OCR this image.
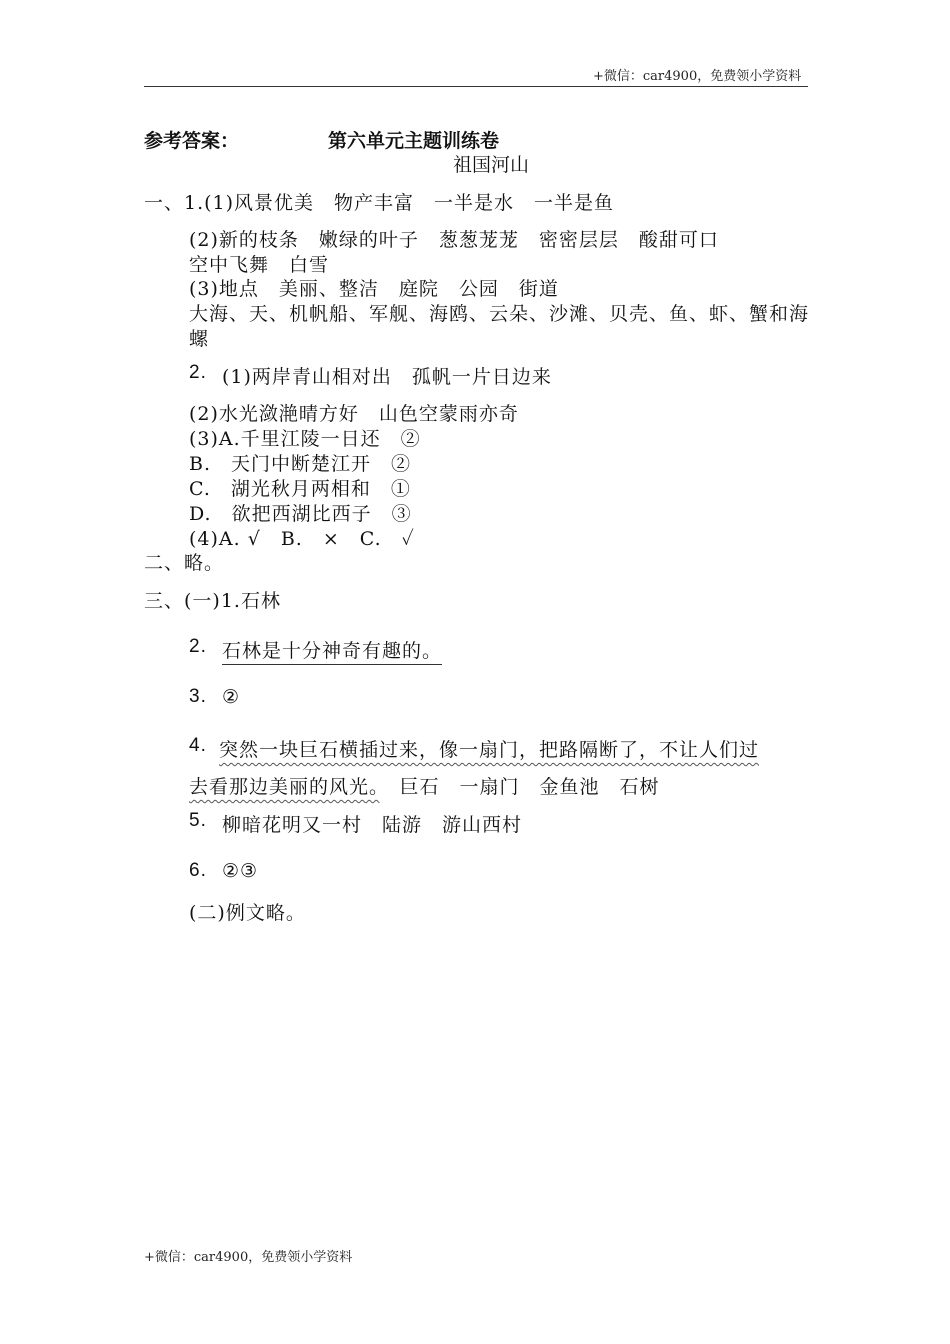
+微信：car4900，免费领小学资料
参考答案：	第六单元主题训练卷
祖国河山
一、1.(1)风景优美　物产丰富　一半是水　一半是鱼
(2)新的枝条　嫩绿的叶子　葱葱茏茏　密密层层　酸甜可口
空中飞舞　白雪
(3)地点　美丽、整洁　庭院　公园　街道
大海、天、机帆船、军舰、海鸥、云朵、沙滩、贝壳、鱼、虾、蟹和海
螺
2. (1)两岸青山相对出　孤帆一片日边来
(2)水光潋滟晴方好　山色空蒙雨亦奇
(3)A.千里江陵一日还　②
B.　天门中断楚江开　②
C.　湖光秋月两相和　①
D.　欲把西湖比西子　③
(4)A. √　B.　×　C.　✓
二、略。
三、(一)1.石林
2. 石林是十分神奇有趣的。
3. ②
4. 突然一块巨石横插过来，像一扇门，把路隔断了，不让人们过
去看那边美丽的风光。　巨石　一扇门　金鱼池　石树
5. 柳暗花明又一村　陆游　游山西村
6. ②③
(二)例文略。
+微信：car4900，免费领小学资料
